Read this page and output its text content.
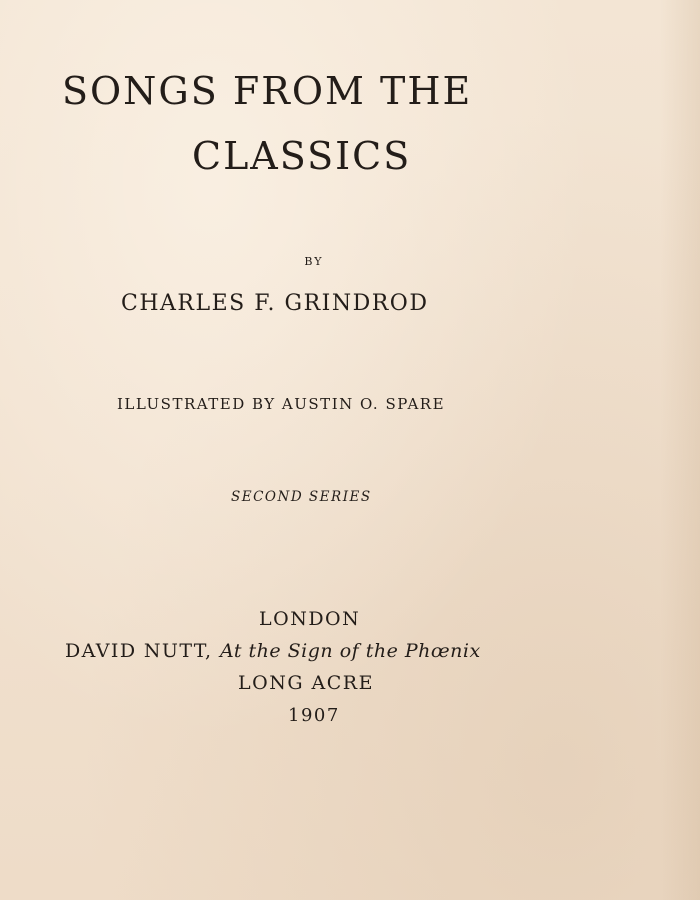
SONGS FROM THE

CLASSICS

BY

CHARLES F. GRINDROD

ILLUSTRATED BY AUSTIN O. SPARE

SECOND SERIES

LONDON

DAVID NUTT, At the Sign of the Phœnix

LONG ACRE

1907
